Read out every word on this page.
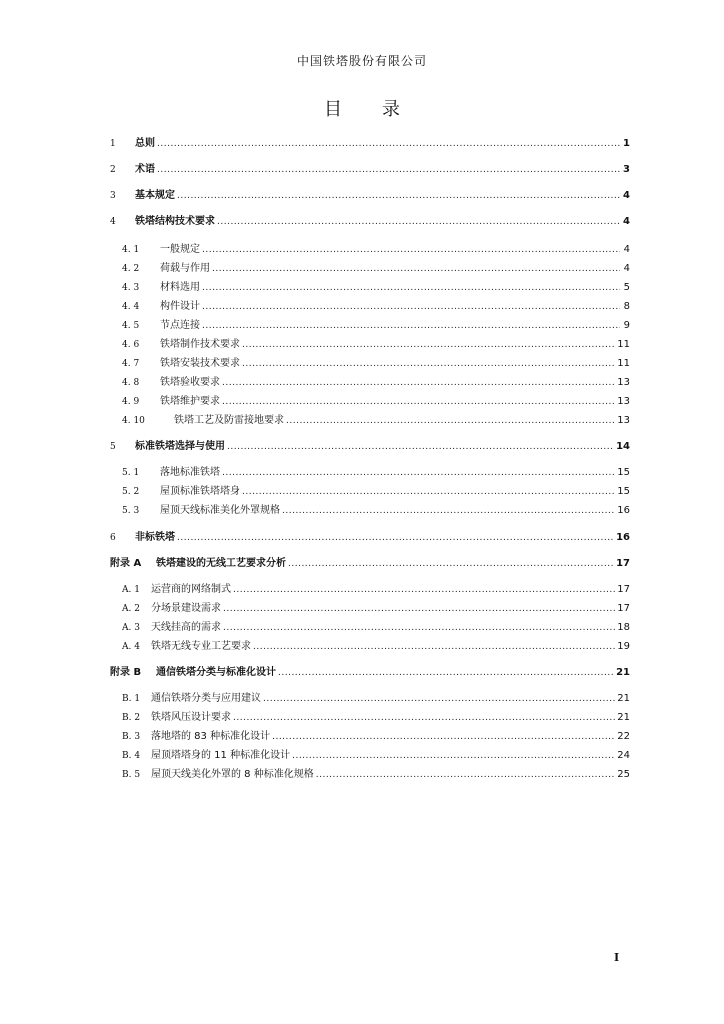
中国铁塔股份有限公司
目 录
1	总则 .....	1
2	术语 .....	3
3	基本规定 .....	4
4	铁塔结构技术要求 .....	4
4. 1	一般规定 .....	4
4. 2	荷载与作用 .....	4
4. 3	材料选用 .....	5
4. 4	构件设计 .....	8
4. 5	节点连接 .....	9
4. 6	铁塔制作技术要求 .....	11
4. 7	铁塔安装技术要求 .....	11
4. 8	铁塔验收要求 .....	13
4. 9	铁塔维护要求 .....	13
4. 10	铁塔工艺及防雷接地要求 .....	13
5	标准铁塔选择与使用 .....	14
5. 1	落地标准铁塔 .....	15
5. 2	屋顶标准铁塔塔身 .....	15
5. 3	屋顶天线标准美化外罩规格 .....	16
6	非标铁塔 .....	16
附录 A	铁塔建设的无线工艺要求分析 .....	17
A. 1	运营商的网络制式 .....	17
A. 2	分场景建设需求 .....	17
A. 3	天线挂高的需求 .....	18
A. 4	铁塔无线专业工艺要求 .....	19
附录 B	通信铁塔分类与标准化设计 .....	21
B. 1	通信铁塔分类与应用建议 .....	21
B. 2	铁塔风压设计要求 .....	21
B. 3	落地塔的 83 种标准化设计 .....	22
B. 4	屋顶塔塔身的 11 种标准化设计 .....	24
B. 5	屋顶天线美化外罩的 8 种标准化规格 .....	25
I
